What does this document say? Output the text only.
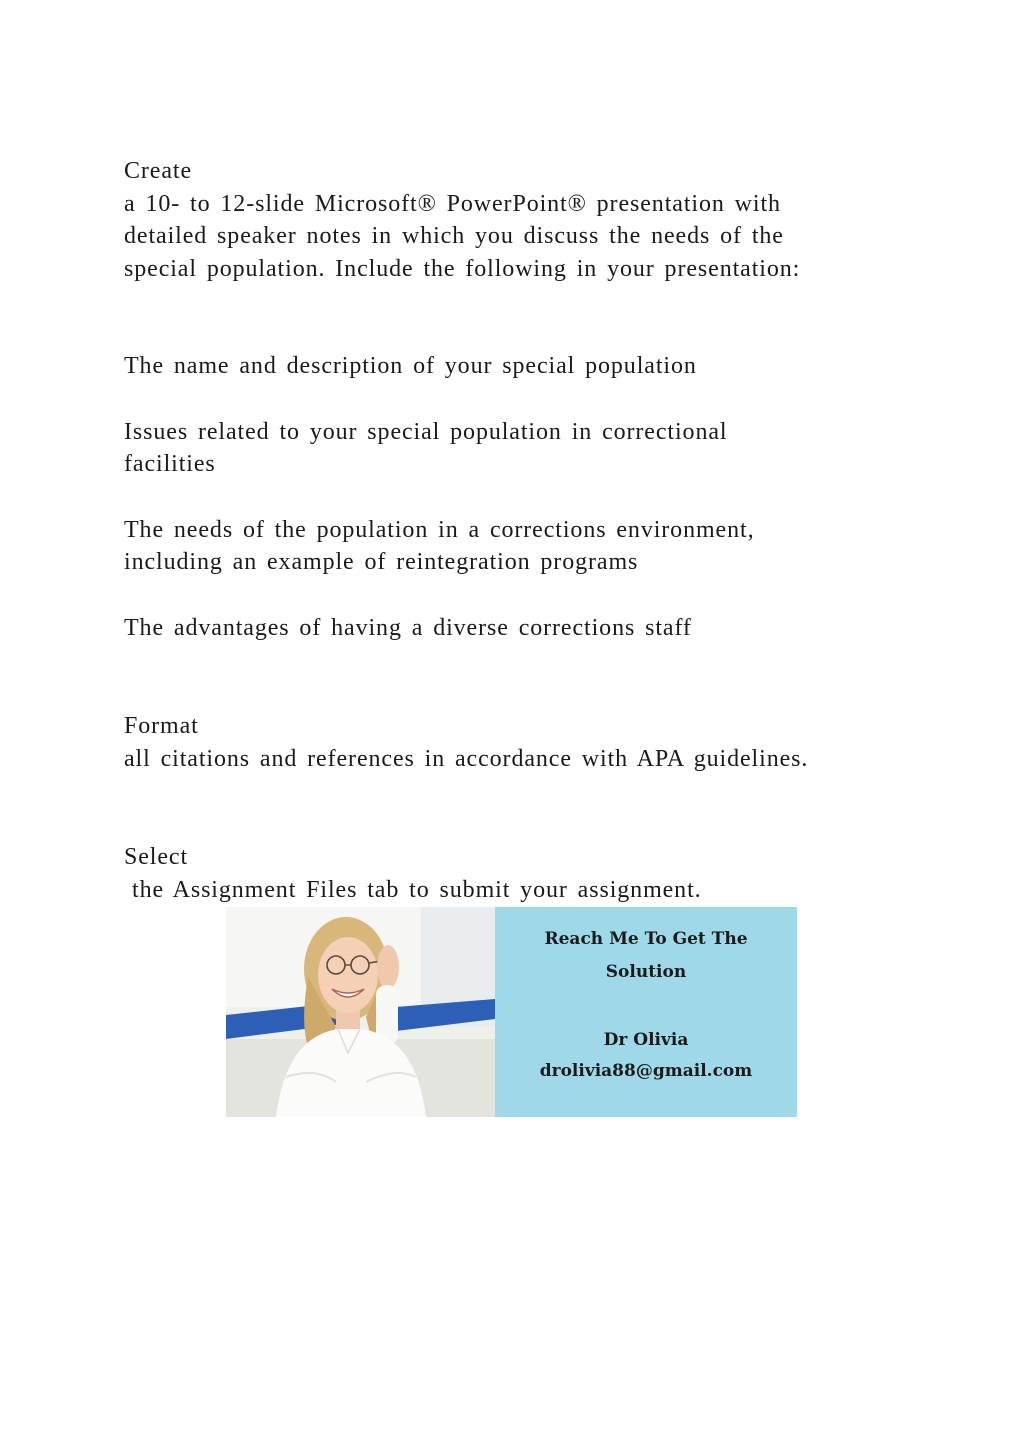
Create
a 10- to 12-slide Microsoft® PowerPoint® presentation with
detailed speaker notes in which you discuss the needs of the
special population. Include the following in your presentation:
The name and description of your special population
Issues related to your special population in correctional
facilities
The needs of the population in a corrections environment,
including an example of reintegration programs
The advantages of having a diverse corrections staff
Format
all citations and references in accordance with APA guidelines.
Select
the Assignment Files tab to submit your assignment.
Reach Me To Get The Solution
Dr Olivia
drolivia88@gmail.com
